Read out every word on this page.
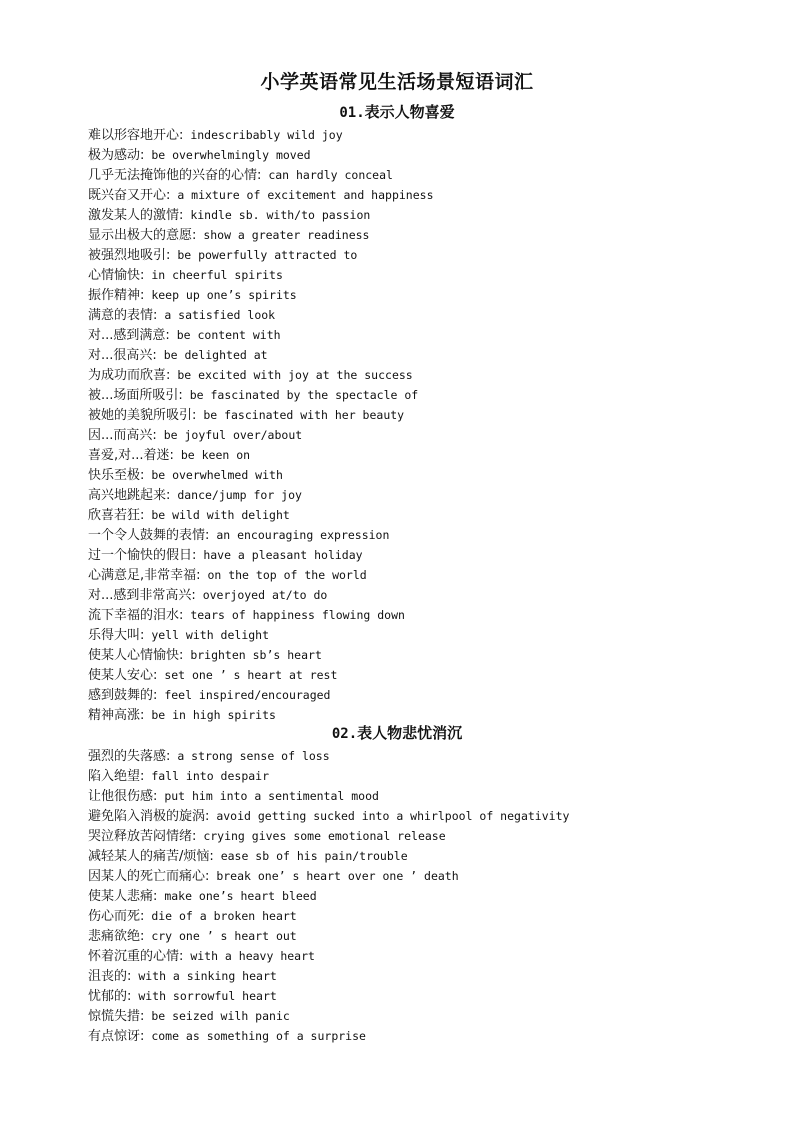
小学英语常见生活场景短语词汇
01.表示人物喜爱
难以形容地开心: indescribably wild joy
极为感动: be overwhelmingly moved
几乎无法掩饰他的兴奋的心情: can hardly conceal
既兴奋又开心: a mixture of excitement and happiness
激发某人的激情: kindle sb. with/to passion
显示出极大的意愿: show a greater readiness
被强烈地吸引: be powerfully attracted to
心情愉快: in cheerful spirits
振作精神: keep up one’s spirits
满意的表情: a satisfied look
对...感到满意: be content with
对...很高兴: be delighted at
为成功而欣喜: be excited with joy at the success
被...场面所吸引: be fascinated by the spectacle of
被她的美貌所吸引: be fascinated with her beauty
因...而高兴: be joyful over/about
喜爱,对...着迷: be keen on
快乐至极: be overwhelmed with
高兴地跳起来: dance/jump for joy
欣喜若狂: be wild with delight
一个令人鼓舞的表情: an encouraging expression
过一个愉快的假日: have a pleasant holiday
心满意足,非常幸福: on the top of the world
对...感到非常高兴: overjoyed at/to do
流下幸福的泪水: tears of happiness flowing down
乐得大叫: yell with delight
使某人心情愉快: brighten sb’s heart
使某人安心: set one ’ s heart at rest
感到鼓舞的: feel inspired/encouraged
精神高涨: be in high spirits
02.表人物悲忧消沉
强烈的失落感: a strong sense of loss
陷入绝望: fall into despair
让他很伤感: put him into a sentimental mood
避免陷入消极的旋涡: avoid getting sucked into a whirlpool of negativity
哭泣释放苦闷情绪: crying gives some emotional release
减轻某人的痛苦/烦恼: ease sb of his pain/trouble
因某人的死亡而痛心: break one’ s heart over one ’ death
使某人悲痛: make one’s heart bleed
伤心而死: die of a broken heart
悲痛欲绝: cry one ’ s heart out
怀着沉重的心情: with a heavy heart
沮丧的: with a sinking heart
忧郁的: with sorrowful heart
惊慌失措: be seized wilh panic
有点惊讶: come as something of a surprise
